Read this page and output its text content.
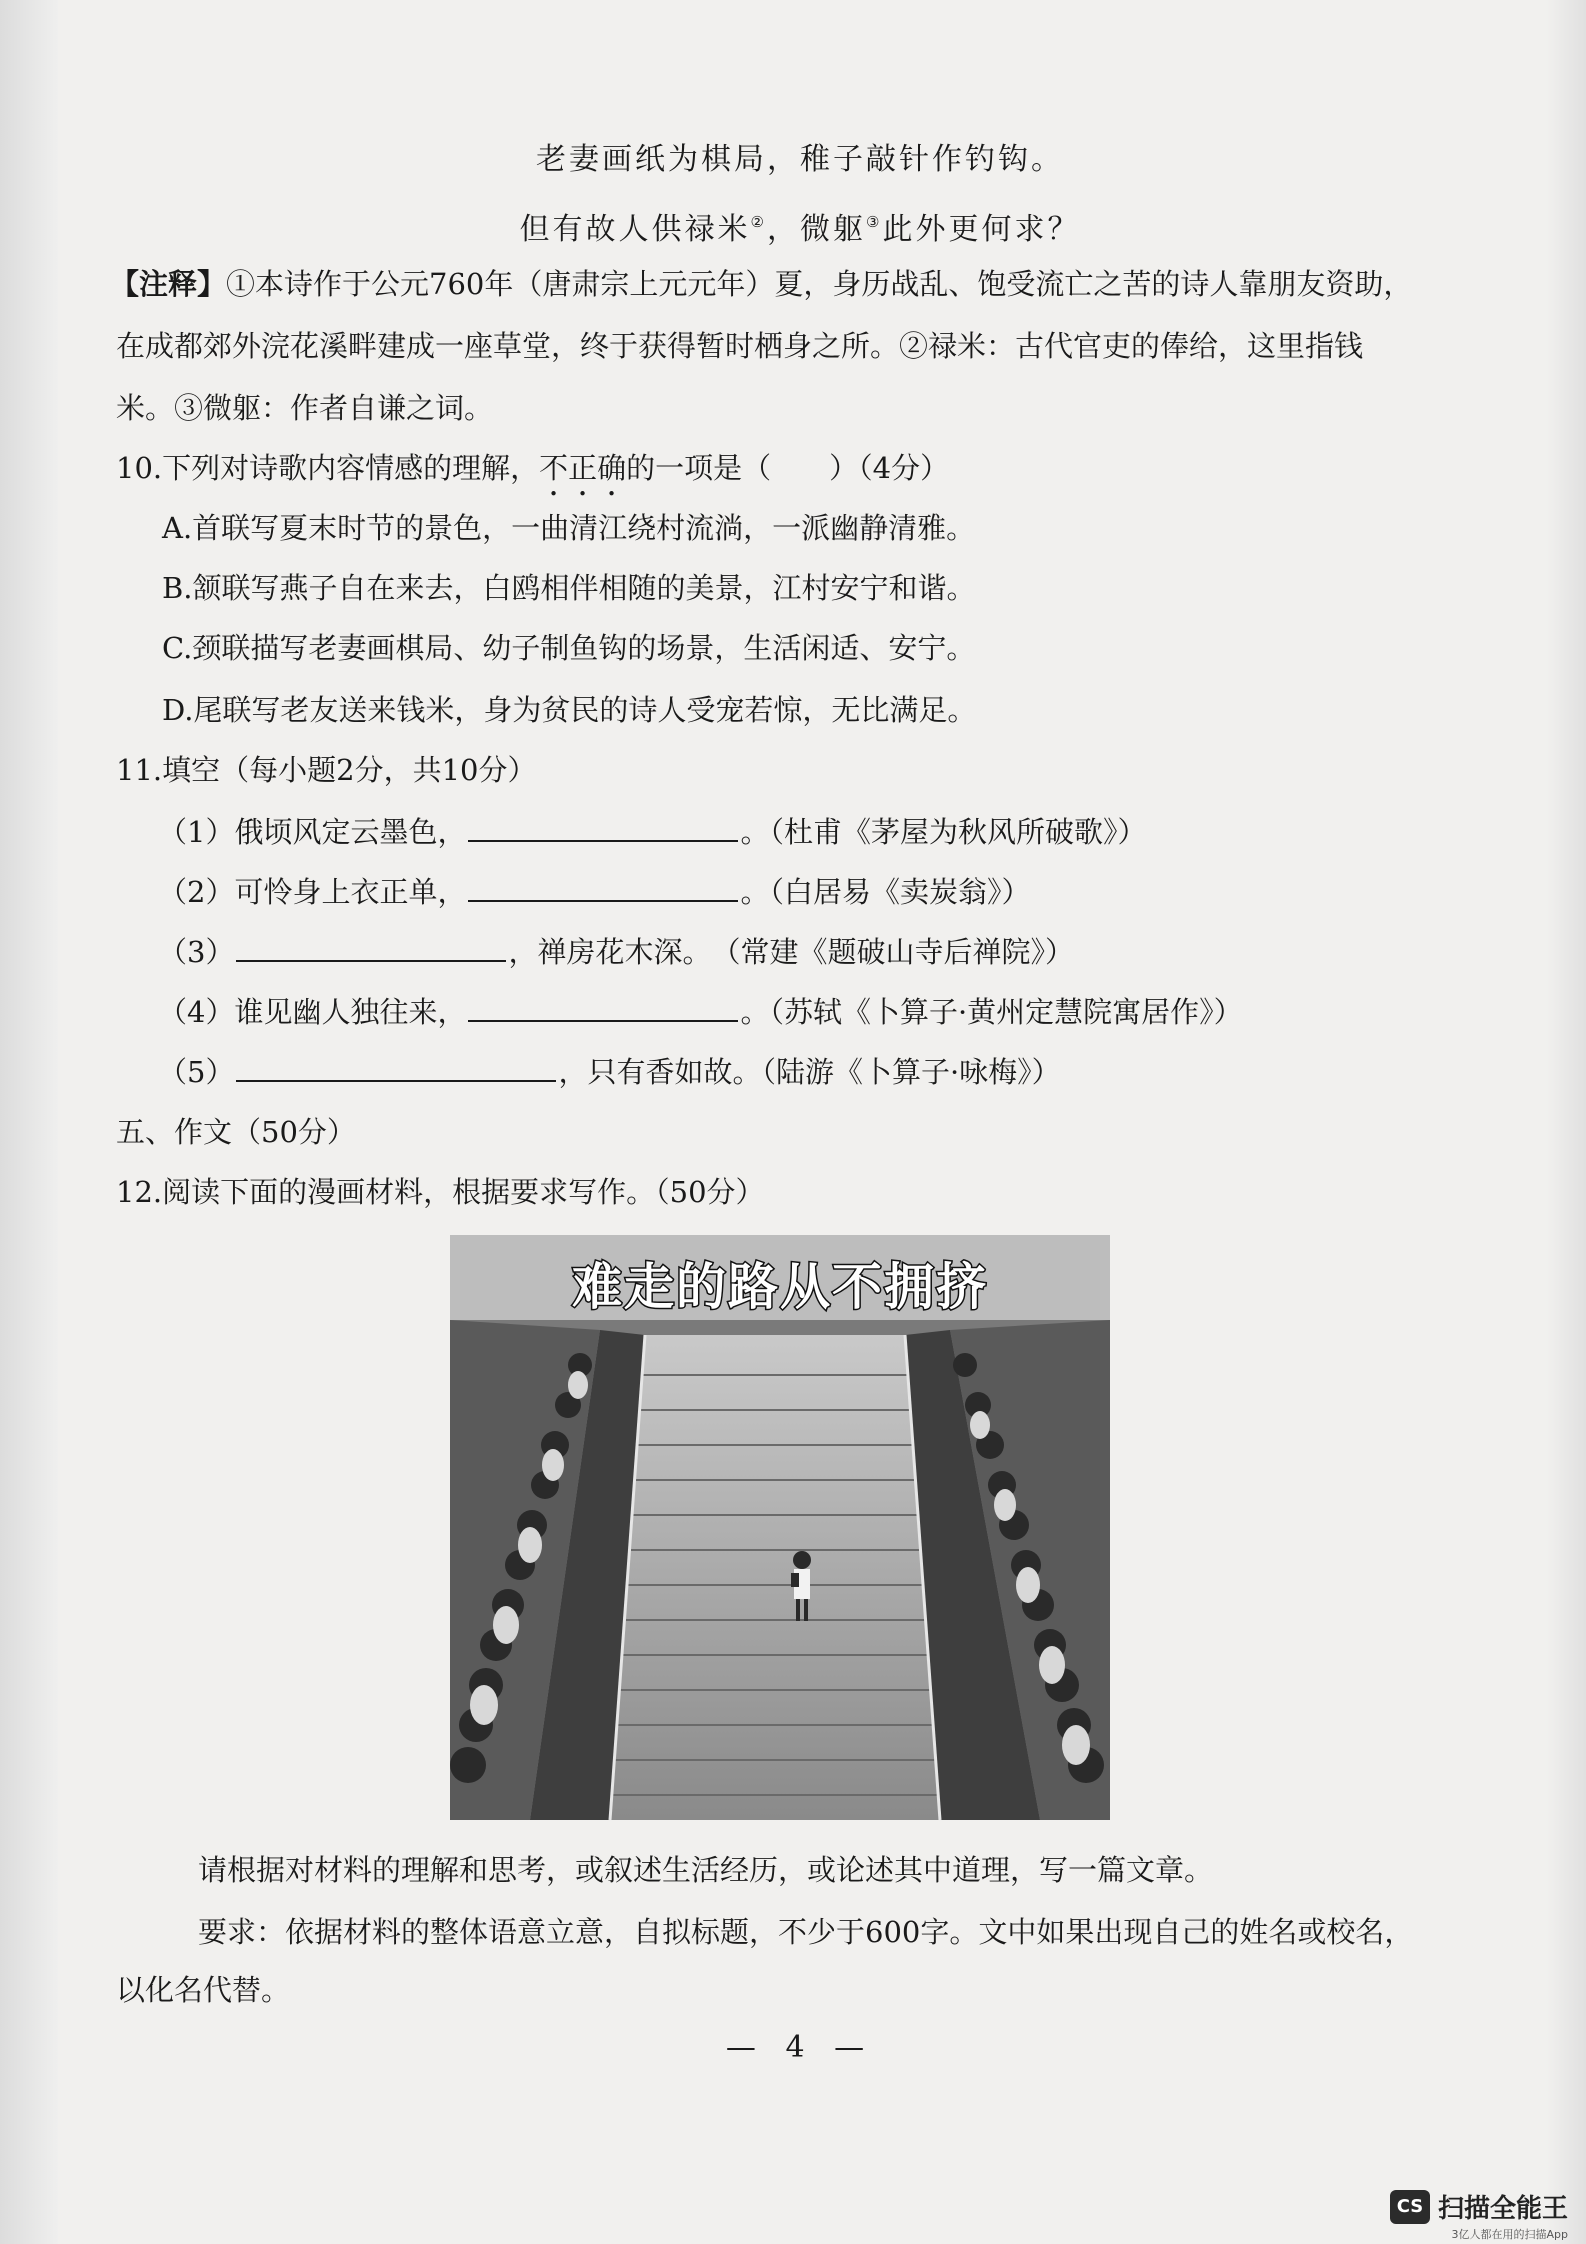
老妻画纸为棋局，稚子敲针作钓钩。
但有故人供禄米②，微躯③此外更何求？
【注释】①本诗作于公元760年（唐肃宗上元元年）夏，身历战乱、饱受流亡之苦的诗人靠朋友资助，
在成都郊外浣花溪畔建成一座草堂，终于获得暂时栖身之所。②禄米：古代官吏的俸给，这里指钱
米。③微躯：作者自谦之词。
10.下列对诗歌内容情感的理解，不正确的一项是（ ）（4分）
A.首联写夏末时节的景色，一曲清江绕村流淌，一派幽静清雅。
B.颔联写燕子自在来去，白鸥相伴相随的美景，江村安宁和谐。
C.颈联描写老妻画棋局、幼子制鱼钩的场景，生活闲适、安宁。
D.尾联写老友送来钱米，身为贫民的诗人受宠若惊，无比满足。
11.填空（每小题2分，共10分）
（1）俄顷风定云墨色，	。（杜甫《茅屋为秋风所破歌》）
（2）可怜身上衣正单，	。（白居易《卖炭翁》）
（3）	，禅房花木深。　（常建《题破山寺后禅院》）
（4）谁见幽人独往来，	。（苏轼《卜算子·黄州定慧院寓居作》）
（5）	，只有香如故。（陆游《卜算子·咏梅》）
五、作文（50分）
12.阅读下面的漫画材料，根据要求写作。（50分）
难走的路从不拥挤
请根据对材料的理解和思考，或叙述生活经历，或论述其中道理，写一篇文章。
要求：依据材料的整体语意立意，自拟标题，不少于600字。文中如果出现自己的姓名或校名，
以化名代替。
— 4 —
CS 扫描全能王
3亿人都在用的扫描App
